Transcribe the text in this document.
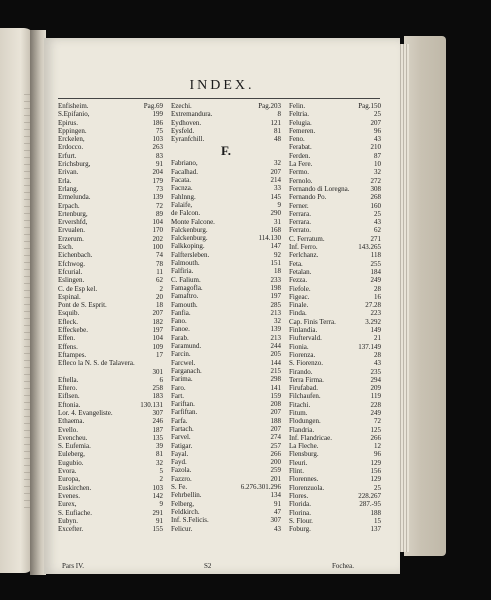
INDEX.
Enfisheim.	Pag.69
S.Epifanio,	199
Epirus.	186
Eppingen.	75
Erckelen,	103
Erdocco.	263
Erfurt.	83
Erichsburg,	91
Erivan.	204
Erla.	179
Erlang.	73
Ermelunda.	139
Erpach.	72
Ertenburg,	89
Ervershfd,	104
Ervualen.	170
Erzerum.	202
Esch.	100
Eichenbach.	74
Efchwog.	78
Efcurial.	11
Eslingen.	62
C. de Esp kel.	2
Espinal.	20
Pont de S. Esprit.	18
Esquib.	207
Efleck.	182
Effeckebe.	197
Effen.	104
Effens.	109
Eftampes.	17
Efleco la N. S. de Talavera.
301
Eftella.	6
Eftero.	258
Eiflsen.	183
Eftonia.	130.131
Lor. 4. Evangeliste.	307
Ethaema.	246
Evello.	187
Evencheu.	135
S. Eufemia.	39
Euleberg,	81
Eugubio.	32
Evora.	5
Europa,	2
Euskirchen.	103
Evenes.	142
Eurex,	9
S. Eufiache.	291
Eubyn.	91
Excefter.	155
Ezechi.	Pag.203
Extremandura.	8
Eydhoven.	121
Eysfeld.	81
Eyranfchill.	48
F.
Fabriano,	32
Facalhad.	207
Facata.	214
Facnza.	33
Fahlnng.	145
Falaife,	9
de Falcon.	290
Monte Falcone.	31
Falckenburg.	168
Falckenburg.	114.130
Falkkoping.	147
Falfterslebеn.	92
Falmouth.	151
Falfiria.	18
C. Falium.	233
Famagofla.	198
Famaftro.	197
Famouth.	285
Fanfia.	213
Fano.	32
Fanoe.	139
Farab.	213
Faramund.	244
Farcin.	205
Farcwel.	144
Farganach.	215
Farima.	298
Faro.	141
Fart.	159
Fariftan.	208
Farfiftan.	207
Farfa.	188
Fartach.	207
Farvel.	274
Fatigar.	257
Fayal.	266
Fayd.	200
Fazola.	259
Fazzro.	201
S. Fe.	6.276.301.296
Fehrbellin.	134
Felberg,	91
Feldkirch.	47
Inf. S.Felicis.	307
Felicur.	43
Felin.	Pag.150
Feltria.	25
Felugia.	207
Femeren.	96
Feno.	43
Ferabat.	210
Ferden.	87
La Fere.	10
Fermo.	32
Fernolo.	272
Fernando di Loregna.	308
Fernando Po.	268
Ferner.	160
Ferrara.	25
Ferrara.	43
Ferrato.	62
C. Ferratum.	271
Inf. Ferro.	143.265
Ferlchanz.	118
Feta.	255
Fetalan.	184
Fezza.	249
Fiefole.	28
Figeac.	16
Finale.	27.28
Finda.	223
Cap. Finis Terra.	3.292
Finlandia.	149
Fiuftervald.	21
Fionia.	137.149
Fiorenza.	28
S. Fiorenzo.	43
Firando.	235
Terra Firma.	294
Firufabad.	209
Filchaufen.	119
Fitachi.	228
Fitum.	249
Flodungen.	72
Flandria.	125
Inf. Flandricae.	266
La Fleche.	12
Flensburg.	96
Fleuri.	129
Flint.	156
Florennes.	129
Florenzuola.	25
Flores.	228.267
Florida.	287.-95
Florina.	188
S. Flour.	15
Foburg.	137
Pars IV.	S2	Fochea.
